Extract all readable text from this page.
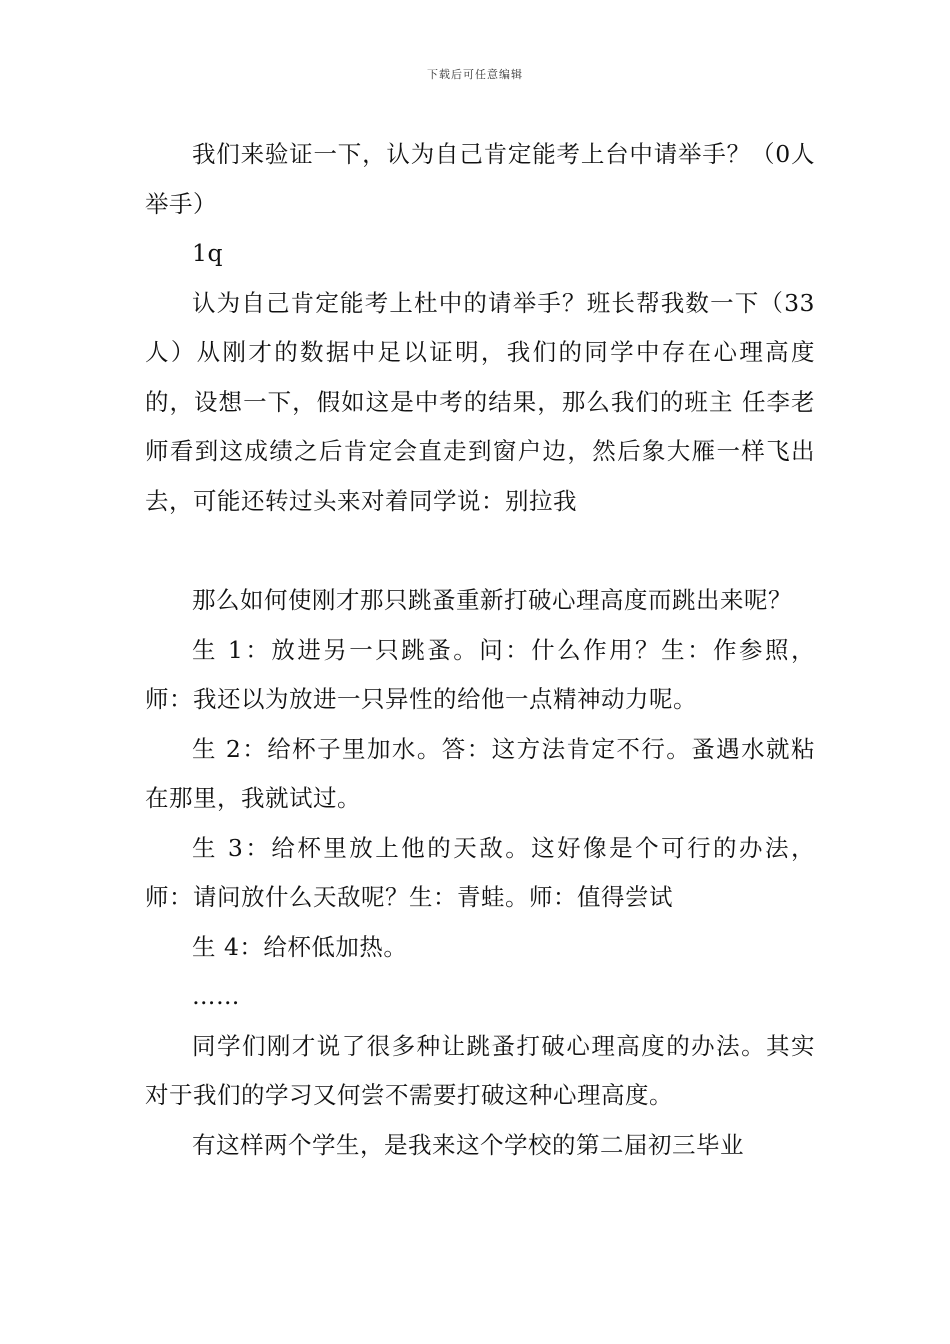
下载后可任意编辑

我们来验证一下，认为自己肯定能考上台中请举手？（0人举手）

1q

认为自己肯定能考上杜中的请举手？班长帮我数一下（33 人）从刚才的数据中足以证明，我们的同学中存在心理高度的，设想一下，假如这是中考的结果，那么我们的班主 任李老师看到这成绩之后肯定会直走到窗户边，然后象大雁一样飞出去，可能还转过头来对着同学说：别拉我

那么如何使刚才那只跳蚤重新打破心理高度而跳出来呢？

生 1：放进另一只跳蚤。问：什么作用？生：作参照，师：我还以为放进一只异性的给他一点精神动力呢。

生 2：给杯子里加水。答：这方法肯定不行。蚤遇水就粘在那里，我就试过。

生 3：给杯里放上他的天敌。这好像是个可行的办法，师：请问放什么天敌呢？生：青蛙。师：值得尝试

生 4：给杯低加热。

……

同学们刚才说了很多种让跳蚤打破心理高度的办法。其实对于我们的学习又何尝不需要打破这种心理高度。

有这样两个学生，是我来这个学校的第二届初三毕业
